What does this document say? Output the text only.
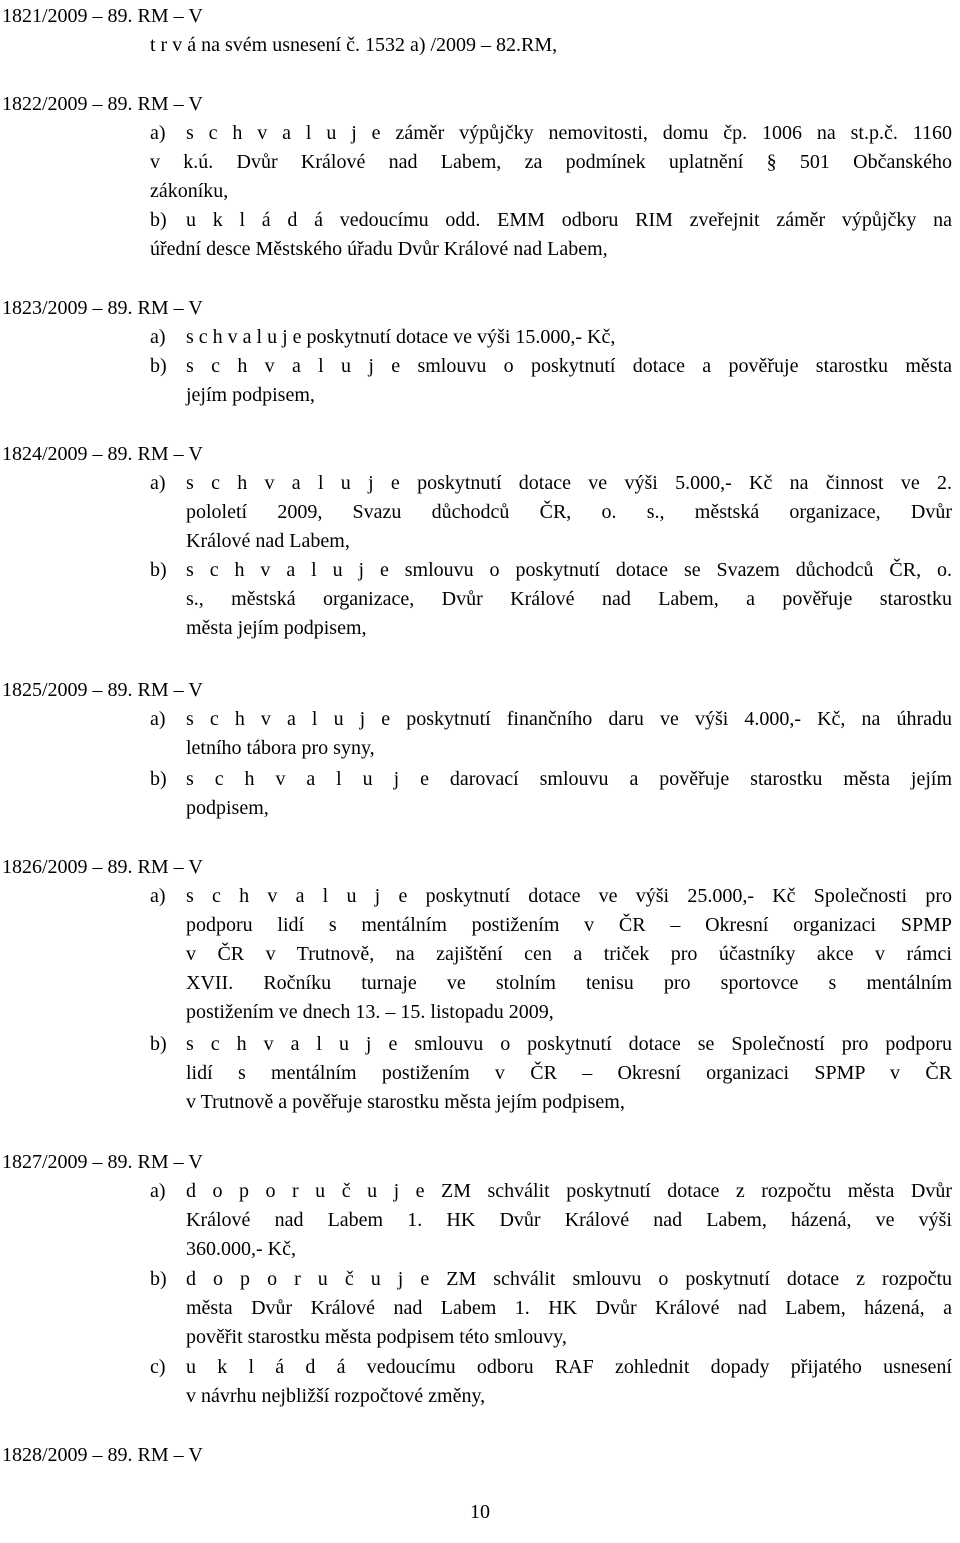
1821/2009 – 89. RM – V
t r v á na svém usnesení č. 1532 a) /2009 – 82.RM,
1822/2009 – 89. RM – V
a) s c h v a l u j e záměr výpůjčky nemovitosti, domu čp. 1006 na st.p.č. 1160
v k.ú. Dvůr Králové nad Labem, za podmínek uplatnění § 501 Občanského
zákoníku,
b) u k l á d á vedoucímu odd. EMM odboru RIM zveřejnit záměr výpůjčky na
úřední desce Městského úřadu Dvůr Králové nad Labem,
1823/2009 – 89. RM – V
a) s c h v a l u j e poskytnutí dotace ve výši 15.000,- Kč,
b) s c h v a l u j e smlouvu o poskytnutí dotace a pověřuje starostku města
jejím podpisem,
1824/2009 – 89. RM – V
a) s c h v a l u j e poskytnutí dotace ve výši 5.000,- Kč na činnost ve 2.
pololetí 2009, Svazu důchodců ČR, o. s., městská organizace, Dvůr
Králové nad Labem,
b) s c h v a l u j e smlouvu o poskytnutí dotace se Svazem důchodců ČR, o.
s., městská organizace, Dvůr Králové nad Labem, a pověřuje starostku
města jejím podpisem,
1825/2009 – 89. RM – V
a) s c h v a l u j e poskytnutí finančního daru ve výši 4.000,- Kč, na úhradu
letního tábora pro syny,
b) s c h v a l u j e darovací smlouvu a pověřuje starostku města jejím
podpisem,
1826/2009 – 89. RM – V
a) s c h v a l u j e poskytnutí dotace ve výši 25.000,- Kč Společnosti pro
podporu lidí s mentálním postižením v ČR – Okresní organizaci SPMP
v ČR v Trutnově, na zajištění cen a triček pro účastníky akce v rámci
XVII. Ročníku turnaje ve stolním tenisu pro sportovce s mentálním
postižením ve dnech 13. – 15. listopadu 2009,
b) s c h v a l u j e smlouvu o poskytnutí dotace se Společností pro podporu
lidí s mentálním postižením v ČR – Okresní organizaci SPMP v ČR
v Trutnově a pověřuje starostku města jejím podpisem,
1827/2009 – 89. RM – V
a) d o p o r u č u j e ZM schválit poskytnutí dotace z rozpočtu města Dvůr
Králové nad Labem 1. HK Dvůr Králové nad Labem, házená, ve výši
360.000,- Kč,
b) d o p o r u č u j e ZM schválit smlouvu o poskytnutí dotace z rozpočtu
města Dvůr Králové nad Labem 1. HK Dvůr Králové nad Labem, házená, a
pověřit starostku města podpisem této smlouvy,
c) u k l á d á vedoucímu odboru RAF zohlednit dopady přijatého usnesení
v návrhu nejbližší rozpočtové změny,
1828/2009 – 89. RM – V
10
